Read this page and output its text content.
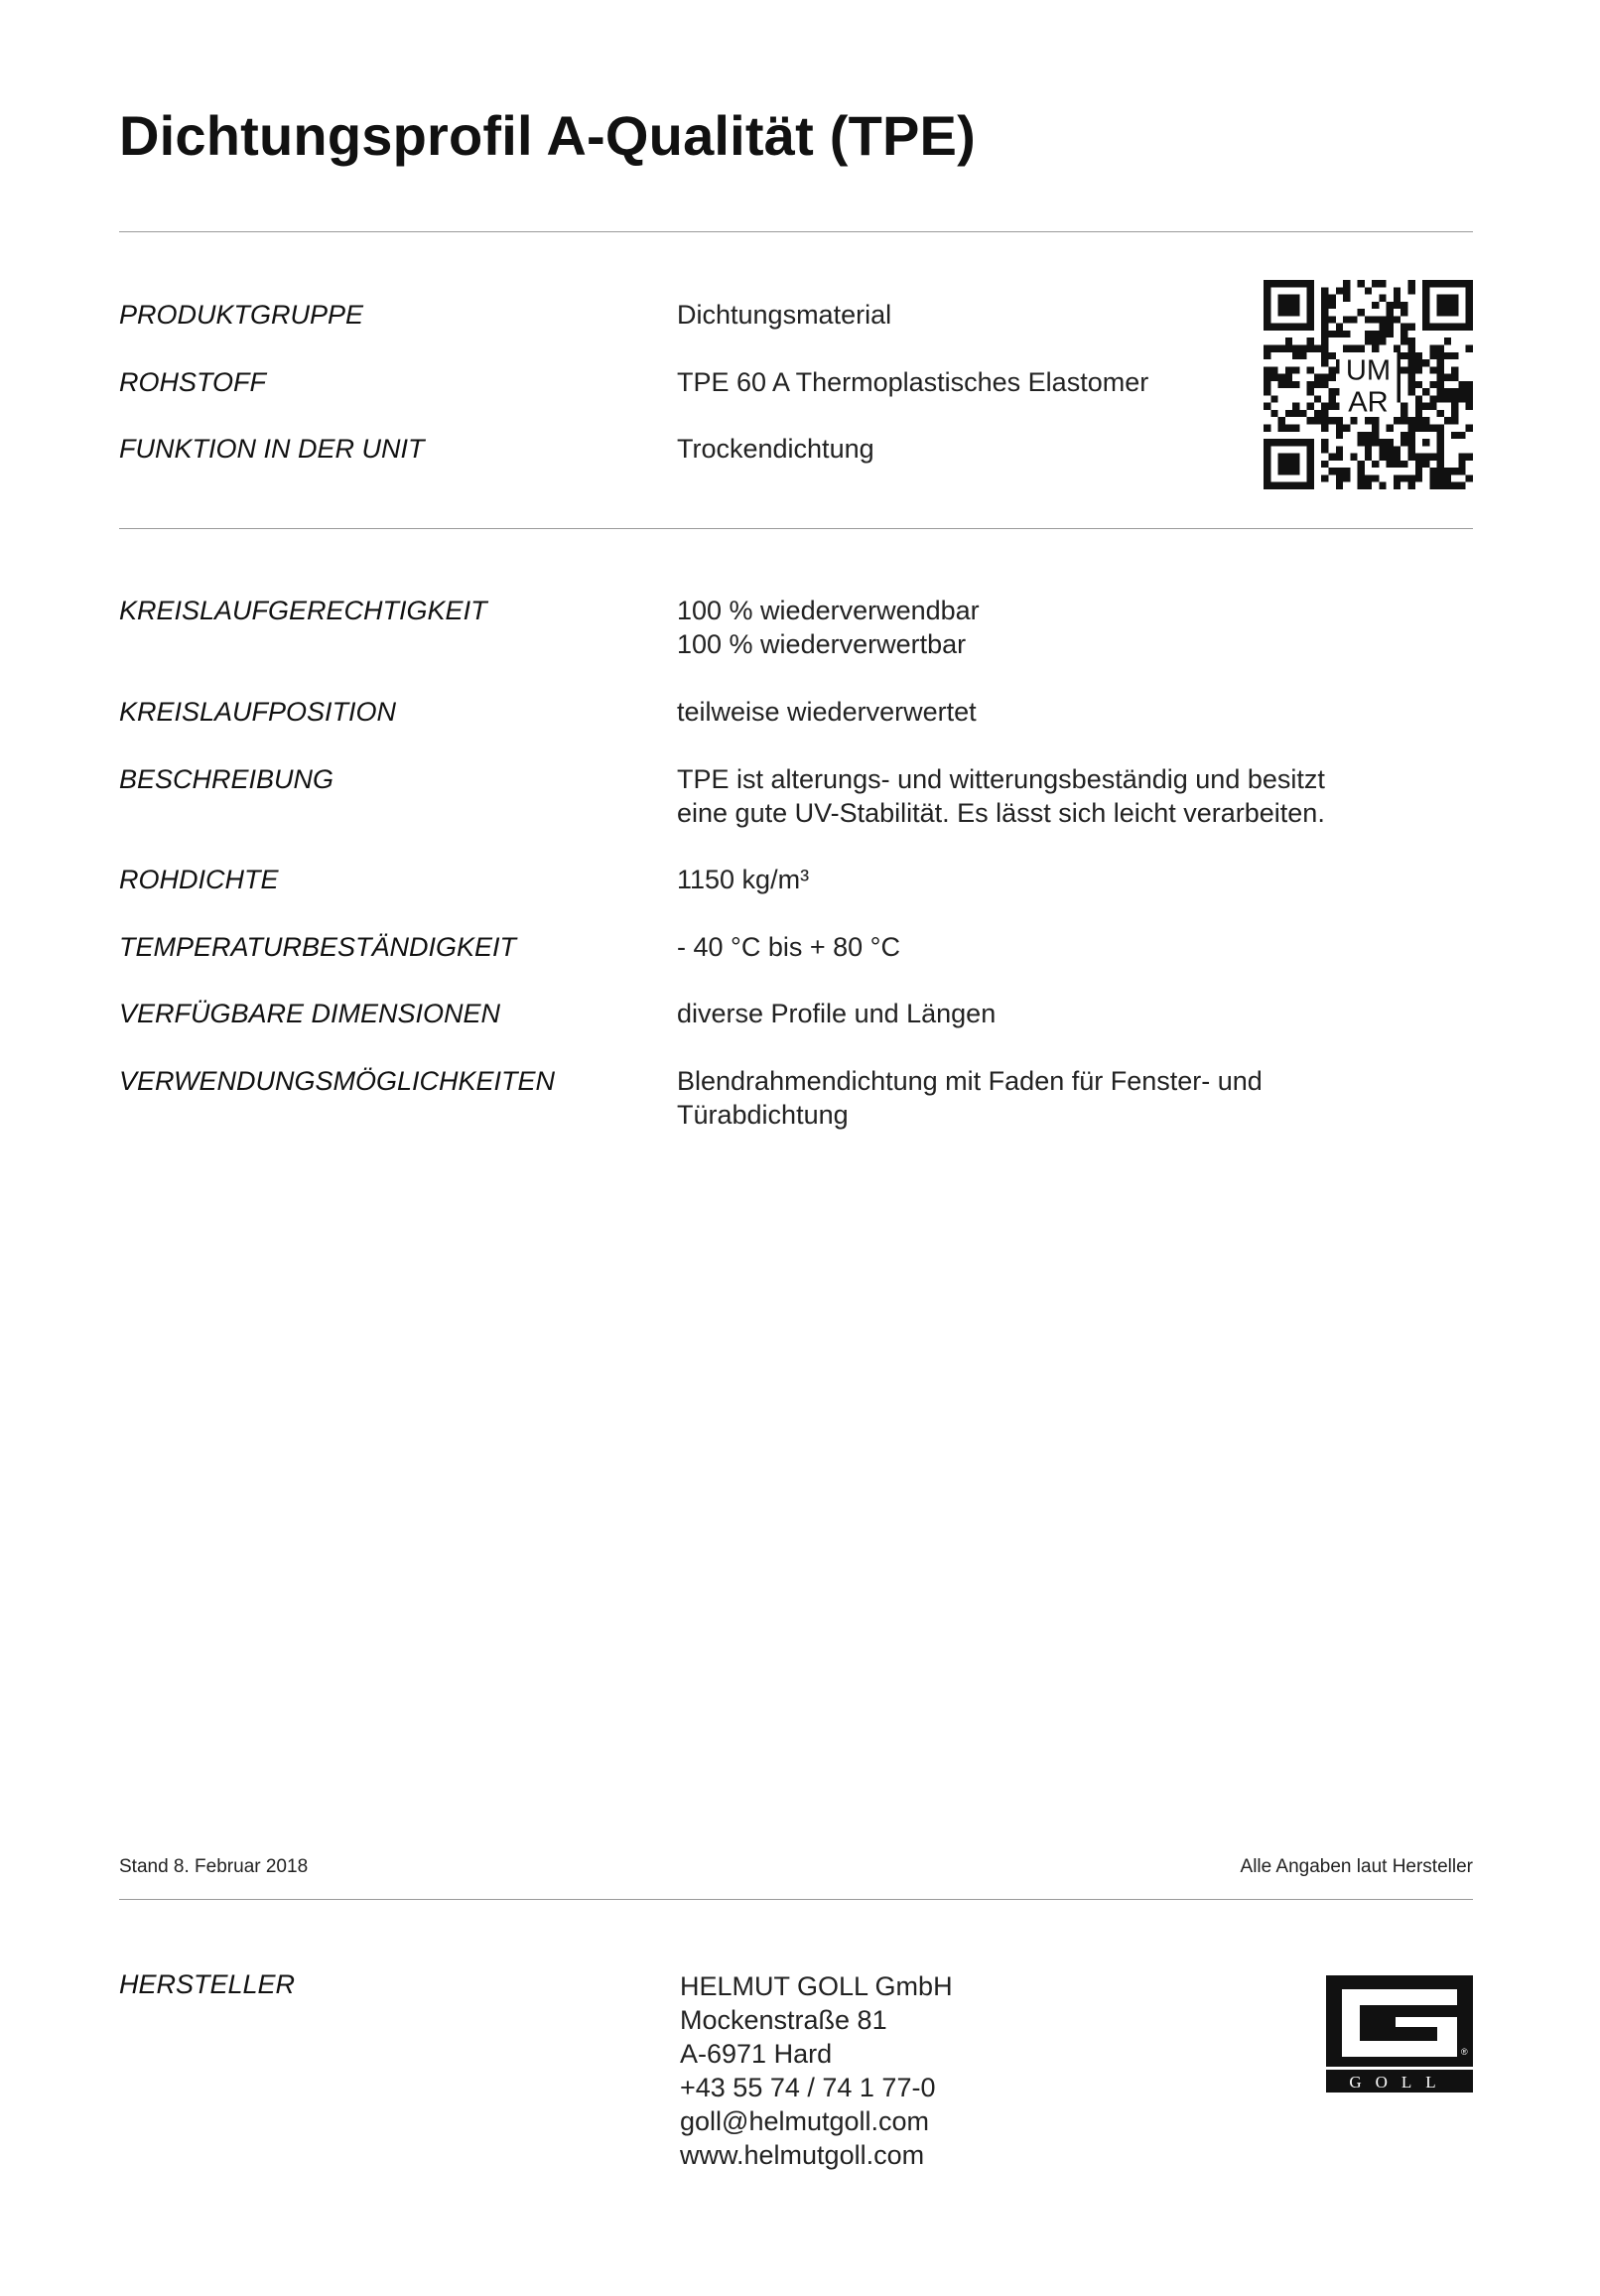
Dichtungsprofil A-Qualität (TPE)
PRODUKTGRUPPE	Dichtungsmaterial
ROHSTOFF	TPE 60 A Thermoplastisches Elastomer
FUNKTION IN DER UNIT	Trockendichtung
UM
AR
KREISLAUFGERECHTIGKEIT	100 % wiederverwendbar
100 % wiederverwertbar
KREISLAUFPOSITION	teilweise wiederverwertet
BESCHREIBUNG	TPE ist alterungs- und witterungsbeständig und besitzt
eine gute UV-Stabilität. Es lässt sich leicht verarbeiten.
ROHDICHTE	1150 kg/m³
TEMPERATURBESTÄNDIGKEIT	- 40 °C bis + 80 °C
VERFÜGBARE DIMENSIONEN	diverse Profile und Längen
VERWENDUNGSMÖGLICHKEITEN	Blendrahmendichtung mit Faden für Fenster- und
Türabdichtung
Stand 8. Februar 2018	Alle Angaben laut Hersteller
HERSTELLER	HELMUT GOLL GmbH
Mockenstraße 81
A-6971 Hard
+43 55 74 / 74 1 77-0
goll@helmutgoll.com
www.helmutgoll.com
®
GOLL
